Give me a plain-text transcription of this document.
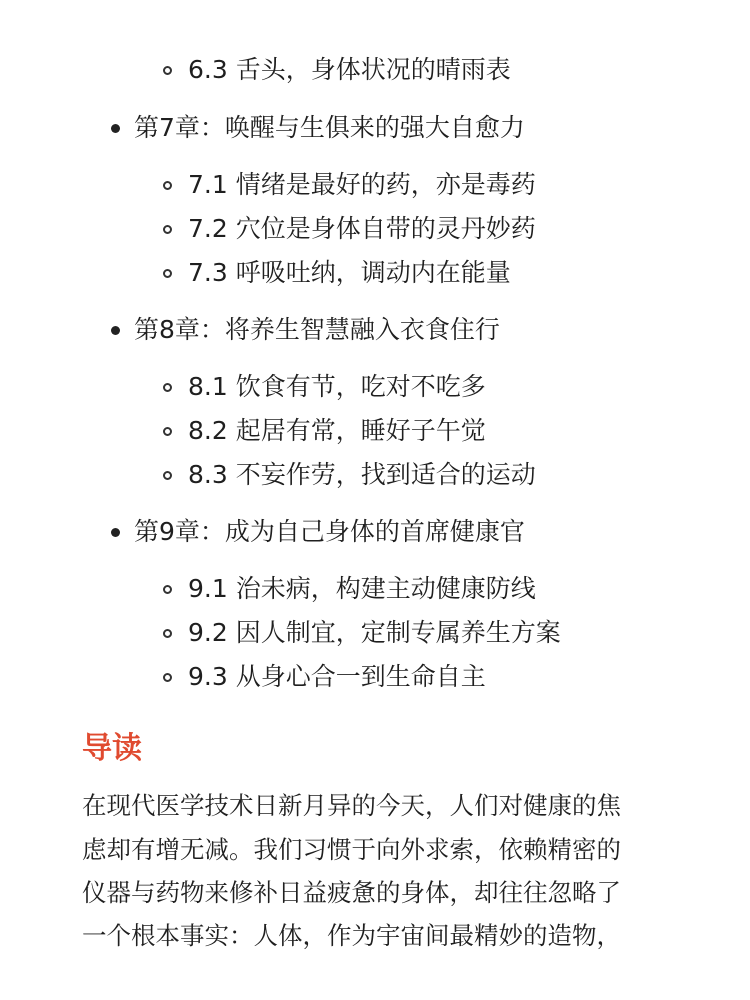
6.3 舌头，身体状况的晴雨表
第7章：唤醒与生俱来的强大自愈力
7.1 情绪是最好的药，亦是毒药
7.2 穴位是身体自带的灵丹妙药
7.3 呼吸吐纳，调动内在能量
第8章：将养生智慧融入衣食住行
8.1 饮食有节，吃对不吃多
8.2 起居有常，睡好子午觉
8.3 不妄作劳，找到适合的运动
第9章：成为自己身体的首席健康官
9.1 治未病，构建主动健康防线
9.2 因人制宜，定制专属养生方案
9.3 从身心合一到生命自主
导读
在现代医学技术日新月异的今天，人们对健康的焦
虑却有增无减。我们习惯于向外求索，依赖精密的
仪器与药物来修补日益疲惫的身体，却往往忽略了
一个根本事实：人体，作为宇宙间最精妙的造物，
